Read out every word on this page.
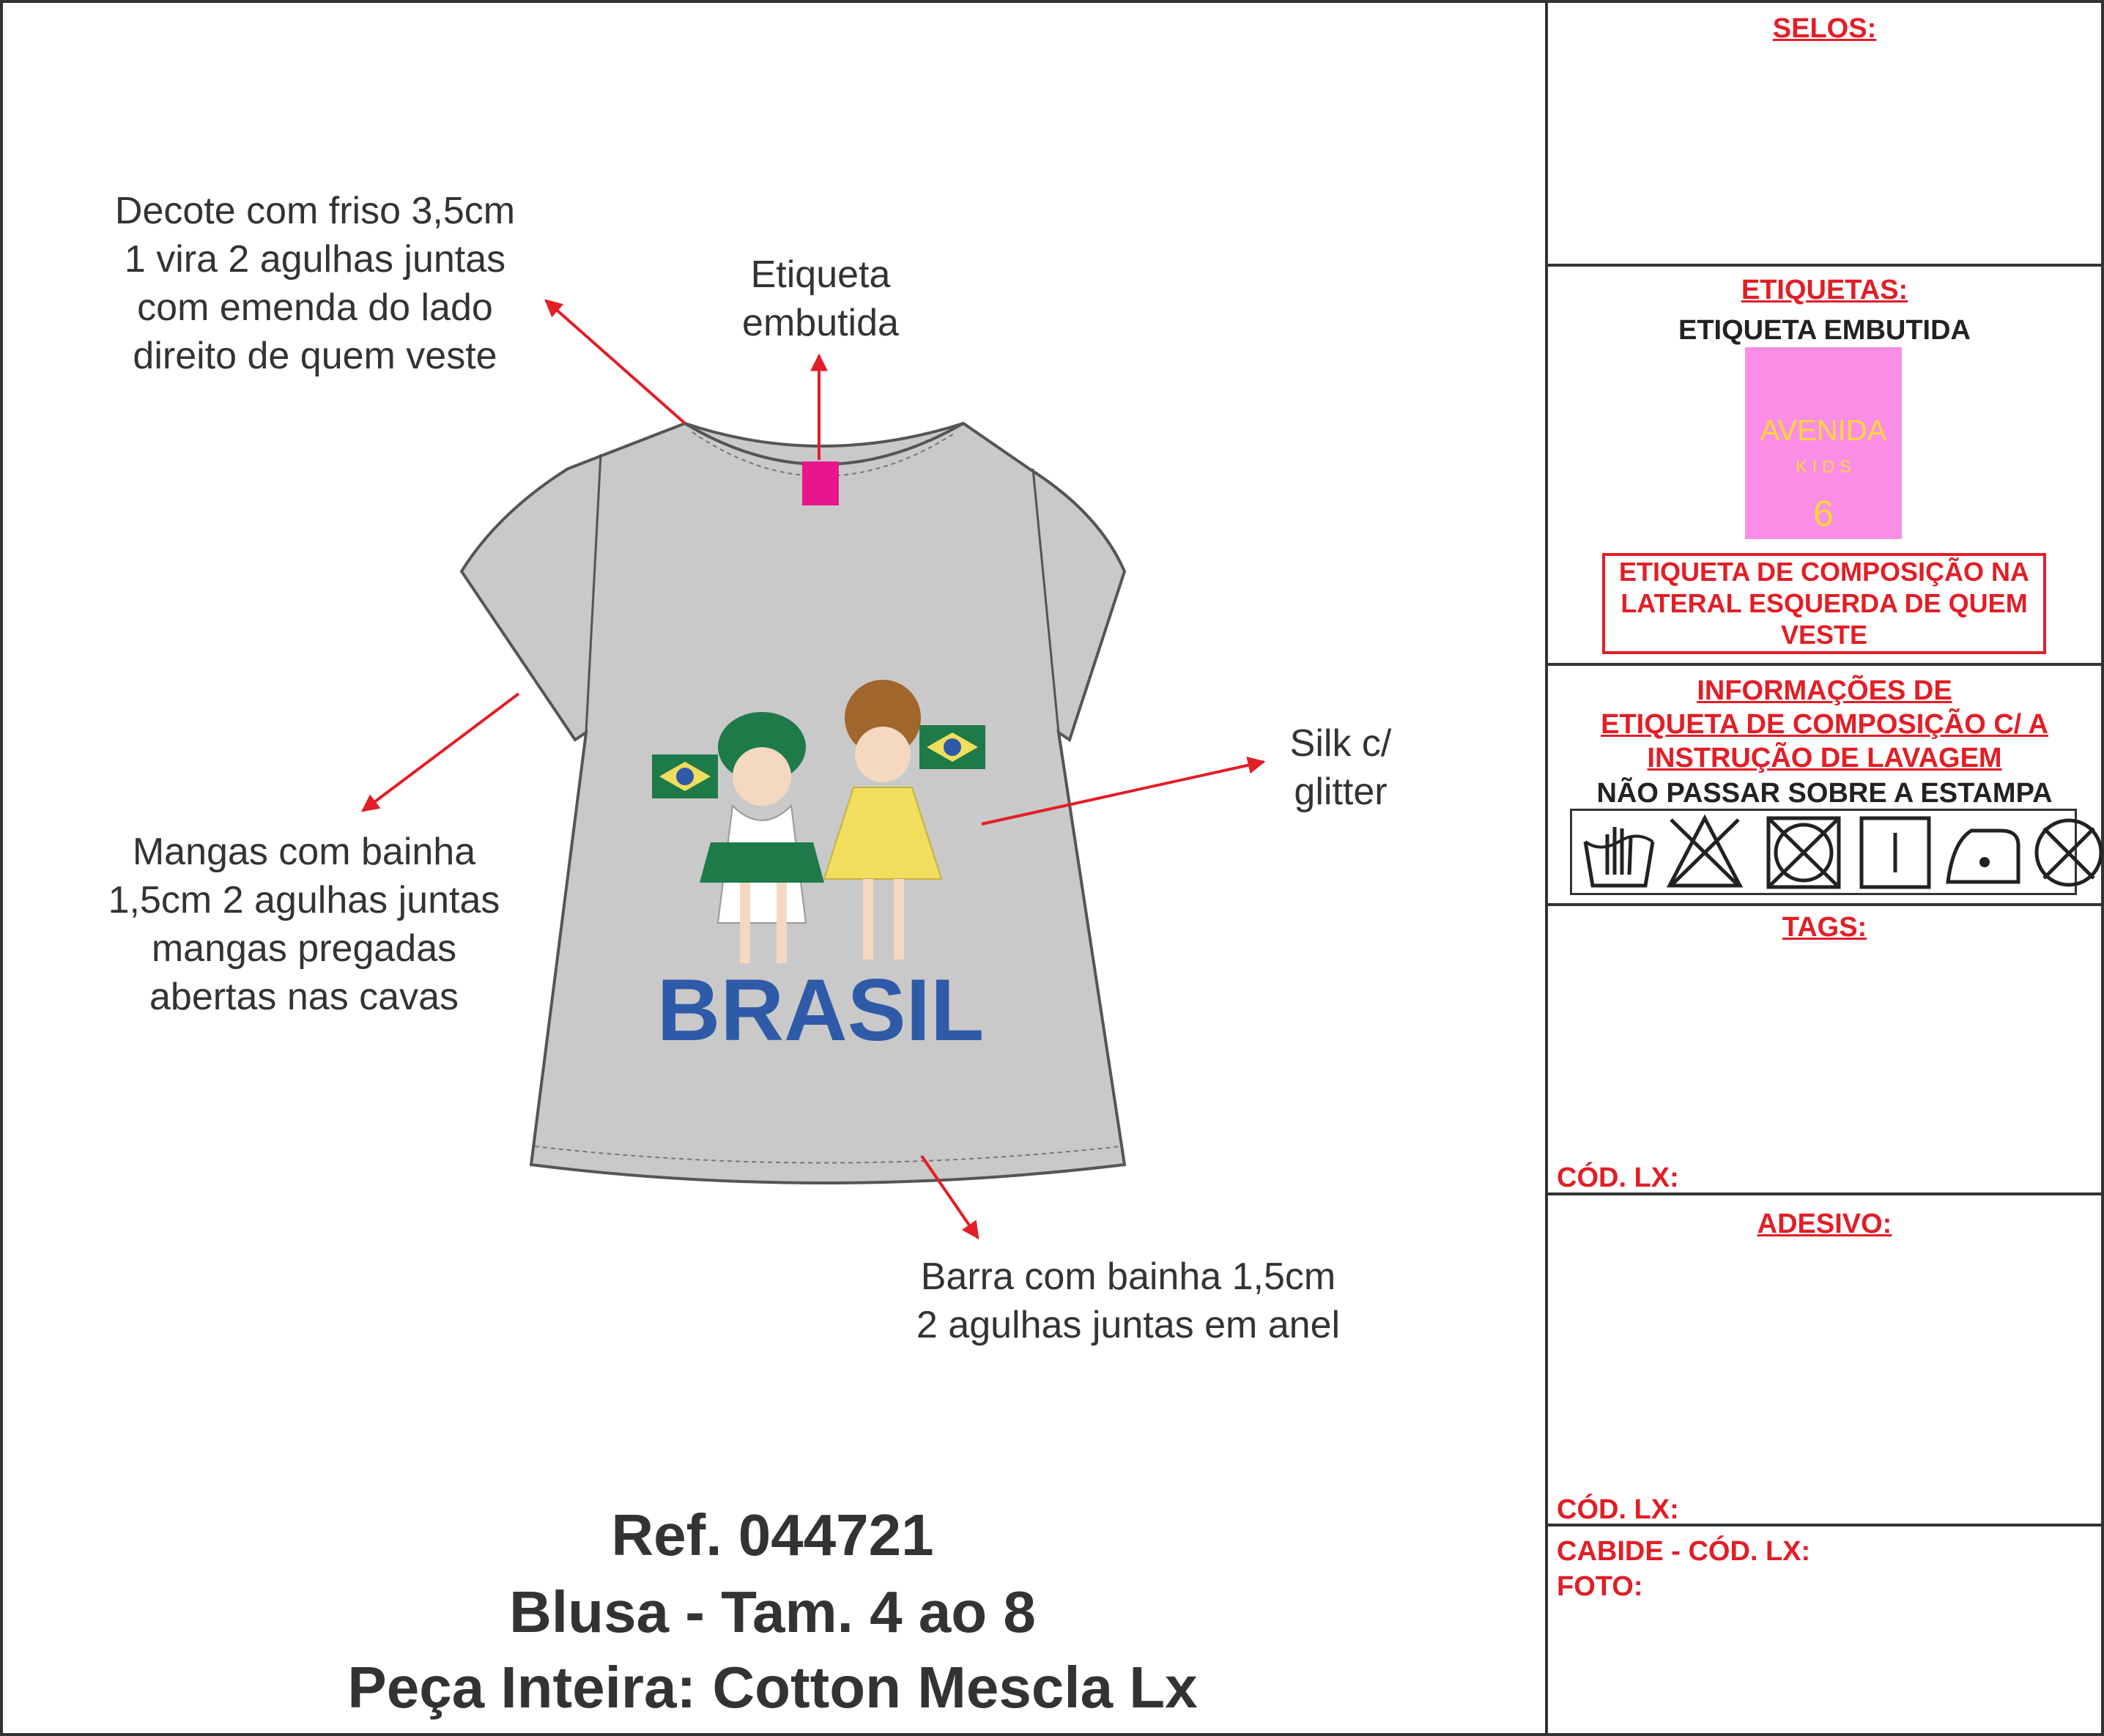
BRASIL
Decote com friso 3,5cm
1 vira 2 agulhas juntas
com emenda do lado
direito de quem veste
Etiqueta
embutida
Mangas com bainha
1,5cm 2 agulhas juntas
mangas pregadas
abertas nas cavas
Silk c/
glitter
Barra com bainha 1,5cm
2 agulhas juntas em anel
Ref. 044721
Blusa - Tam. 4 ao 8
Peça Inteira: Cotton Mescla Lx
SELOS:
ETIQUETAS:
ETIQUETA EMBUTIDA
AVENIDA
K I D S
6
ETIQUETA DE COMPOSIÇÃO NA
LATERAL ESQUERDA DE QUEM
VESTE
INFORMAÇÕES DE
ETIQUETA DE COMPOSIÇÃO C/ A
INSTRUÇÃO DE LAVAGEM
NÃO PASSAR SOBRE A ESTAMPA
TAGS:
CÓD. LX:
ADESIVO:
CÓD. LX:
CABIDE - CÓD. LX:
FOTO:
